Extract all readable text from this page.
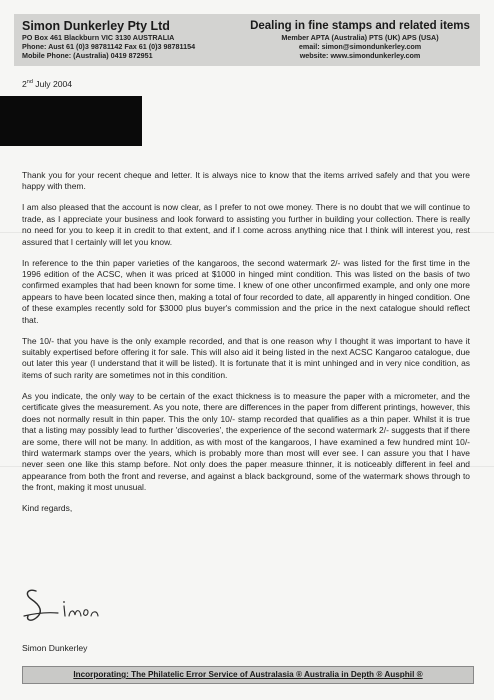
Simon Dunkerley Pty Ltd
PO Box 461 Blackburn VIC 3130 AUSTRALIA
Phone: Aust 61 (0)3 98781142 Fax 61 (0)3 98781154
Mobile Phone: (Australia) 0419 872951
Dealing in fine stamps and related items
Member APTA (Australia) PTS (UK) APS (USA)
email: simon@simondunkerley.com
website: www.simondunkerley.com
2nd July 2004

Thank you for your recent cheque and letter. It is always nice to know that the items arrived safely and that you were happy with them.

I am also pleased that the account is now clear, as I prefer to not owe money. There is no doubt that we will continue to trade, as I appreciate your business and look forward to assisting you further in building your collection. There is really no need for you to keep it in credit to that extent, and if I come across anything nice that I think will interest you, rest assured that I certainly will let you know.

In reference to the thin paper varieties of the kangaroos, the second watermark 2/- was listed for the first time in the 1996 edition of the ACSC, when it was priced at $1000 in hinged mint condition. This was listed on the basis of two confirmed examples that had been known for some time. I knew of one other unconfirmed example, and only one more appears to have been located since then, making a total of four recorded to date, all apparently in hinged condition. One of these examples recently sold for $3000 plus buyer's commission and the price in the next catalogue should reflect that.

The 10/- that you have is the only example recorded, and that is one reason why I thought it was important to have it suitably expertised before offering it for sale. This will also aid it being listed in the next ACSC Kangaroo catalogue, due out later this year (I understand that it will be listed). It is fortunate that it is mint unhinged and in very nice condition, as items of such rarity are sometimes not in this condition.

As you indicate, the only way to be certain of the exact thickness is to measure the paper with a micrometer, and the certificate gives the measurement. As you note, there are differences in the paper from different printings, however, this does not normally result in thin paper. This the only 10/- stamp recorded that qualifies as a thin paper. Whilst it is true that a listing may possibly lead to further 'discoveries', the experience of the second watermark 2/- suggests that if there are some, there will not be many. In addition, as with most of the kangaroos, I have examined a few hundred mint 10/- third watermark stamps over the years, which is probably more than most will ever see. I can assure you that I have never seen one like this stamp before. Not only does the paper measure thinner, it is noticeably different in feel and appearance from both the front and reverse, and against a black background, some of the watermark shows through to the front, making it most unusual.

Kind regards,

Simon Dunkerley
Incorporating: The Philatelic Error Service of Australasia ® Australia in Depth ® Ausphil ®
